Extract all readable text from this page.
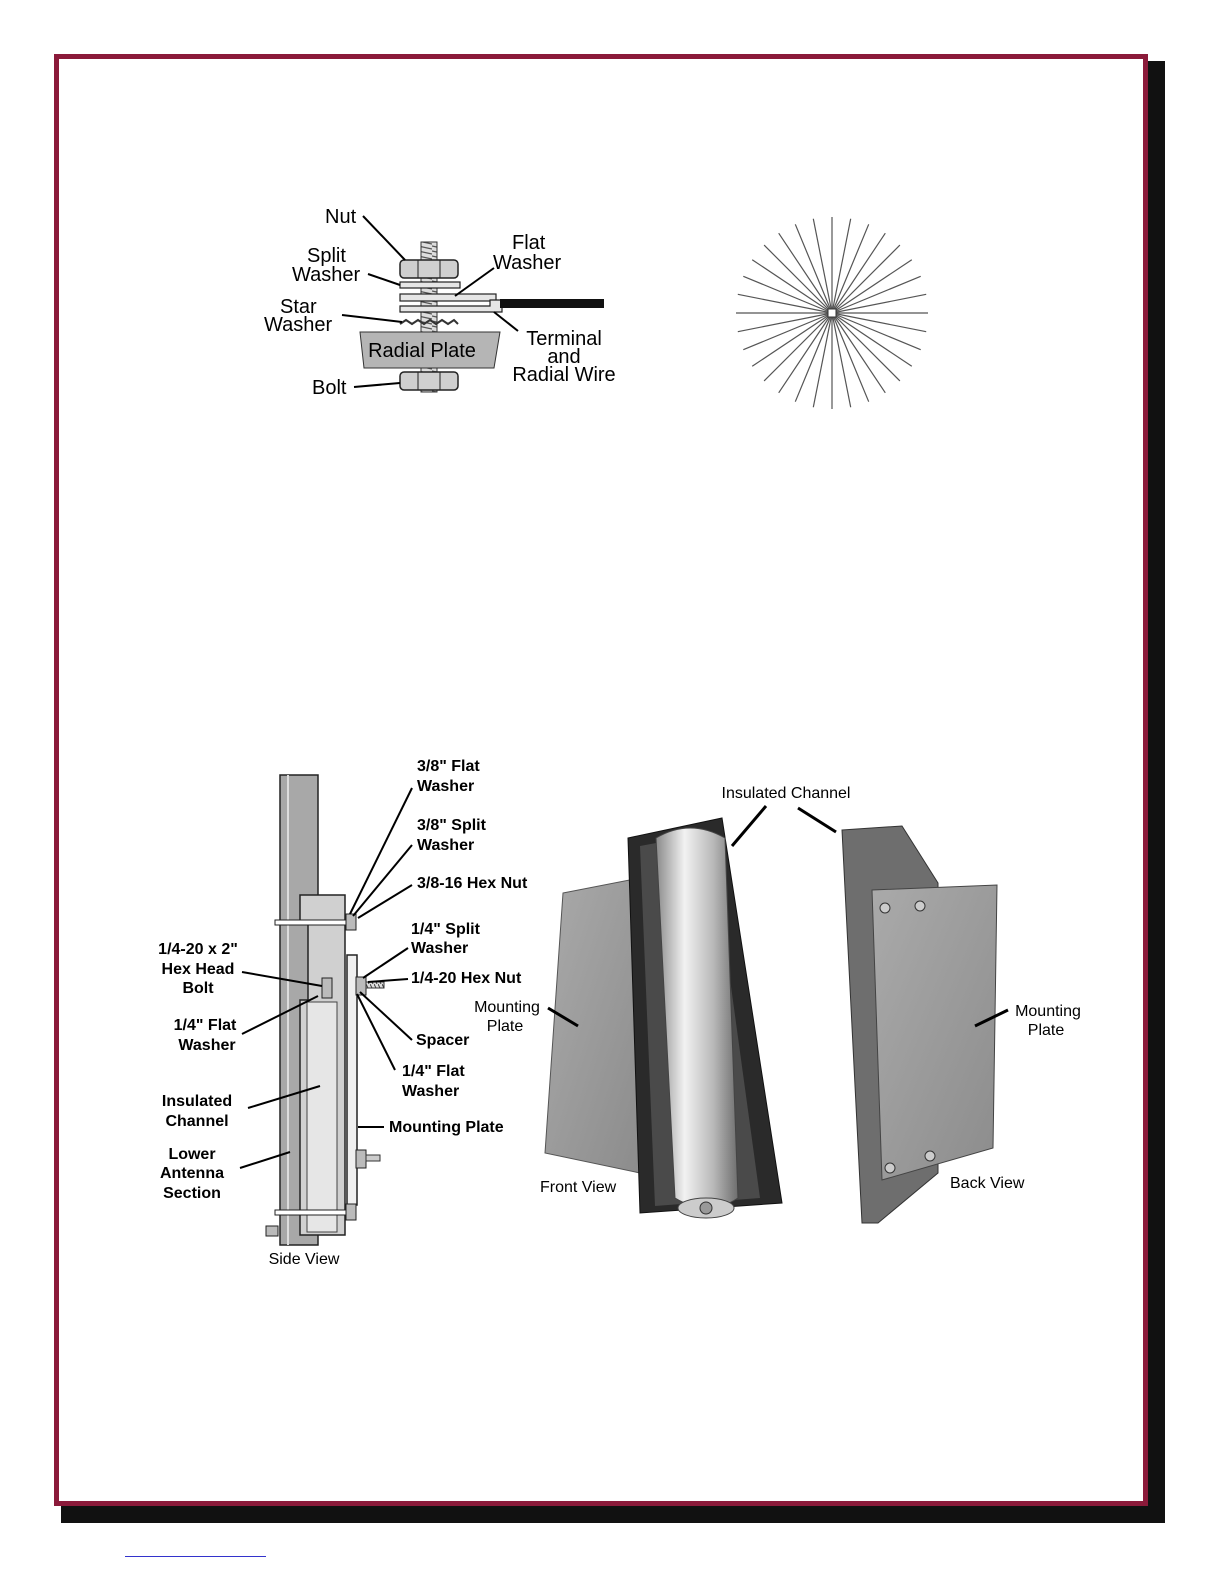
Radial Plate
Nut
Split
Washer
Star
Washer
Bolt
Flat
Washer
Terminal
and
Radial Wire
3/8" Flat
Washer
3/8" Split
Washer
3/8-16 Hex Nut
1/4" Split
Washer
1/4-20 Hex Nut
Spacer
1/4" Flat
Washer
Mounting Plate
1/4-20 x 2"
Hex Head
Bolt
1/4" Flat
Washer
Insulated
Channel
Lower
Antenna
Section
Side View
Insulated Channel
Mounting
Plate
Mounting
Plate
Front View	Back View
